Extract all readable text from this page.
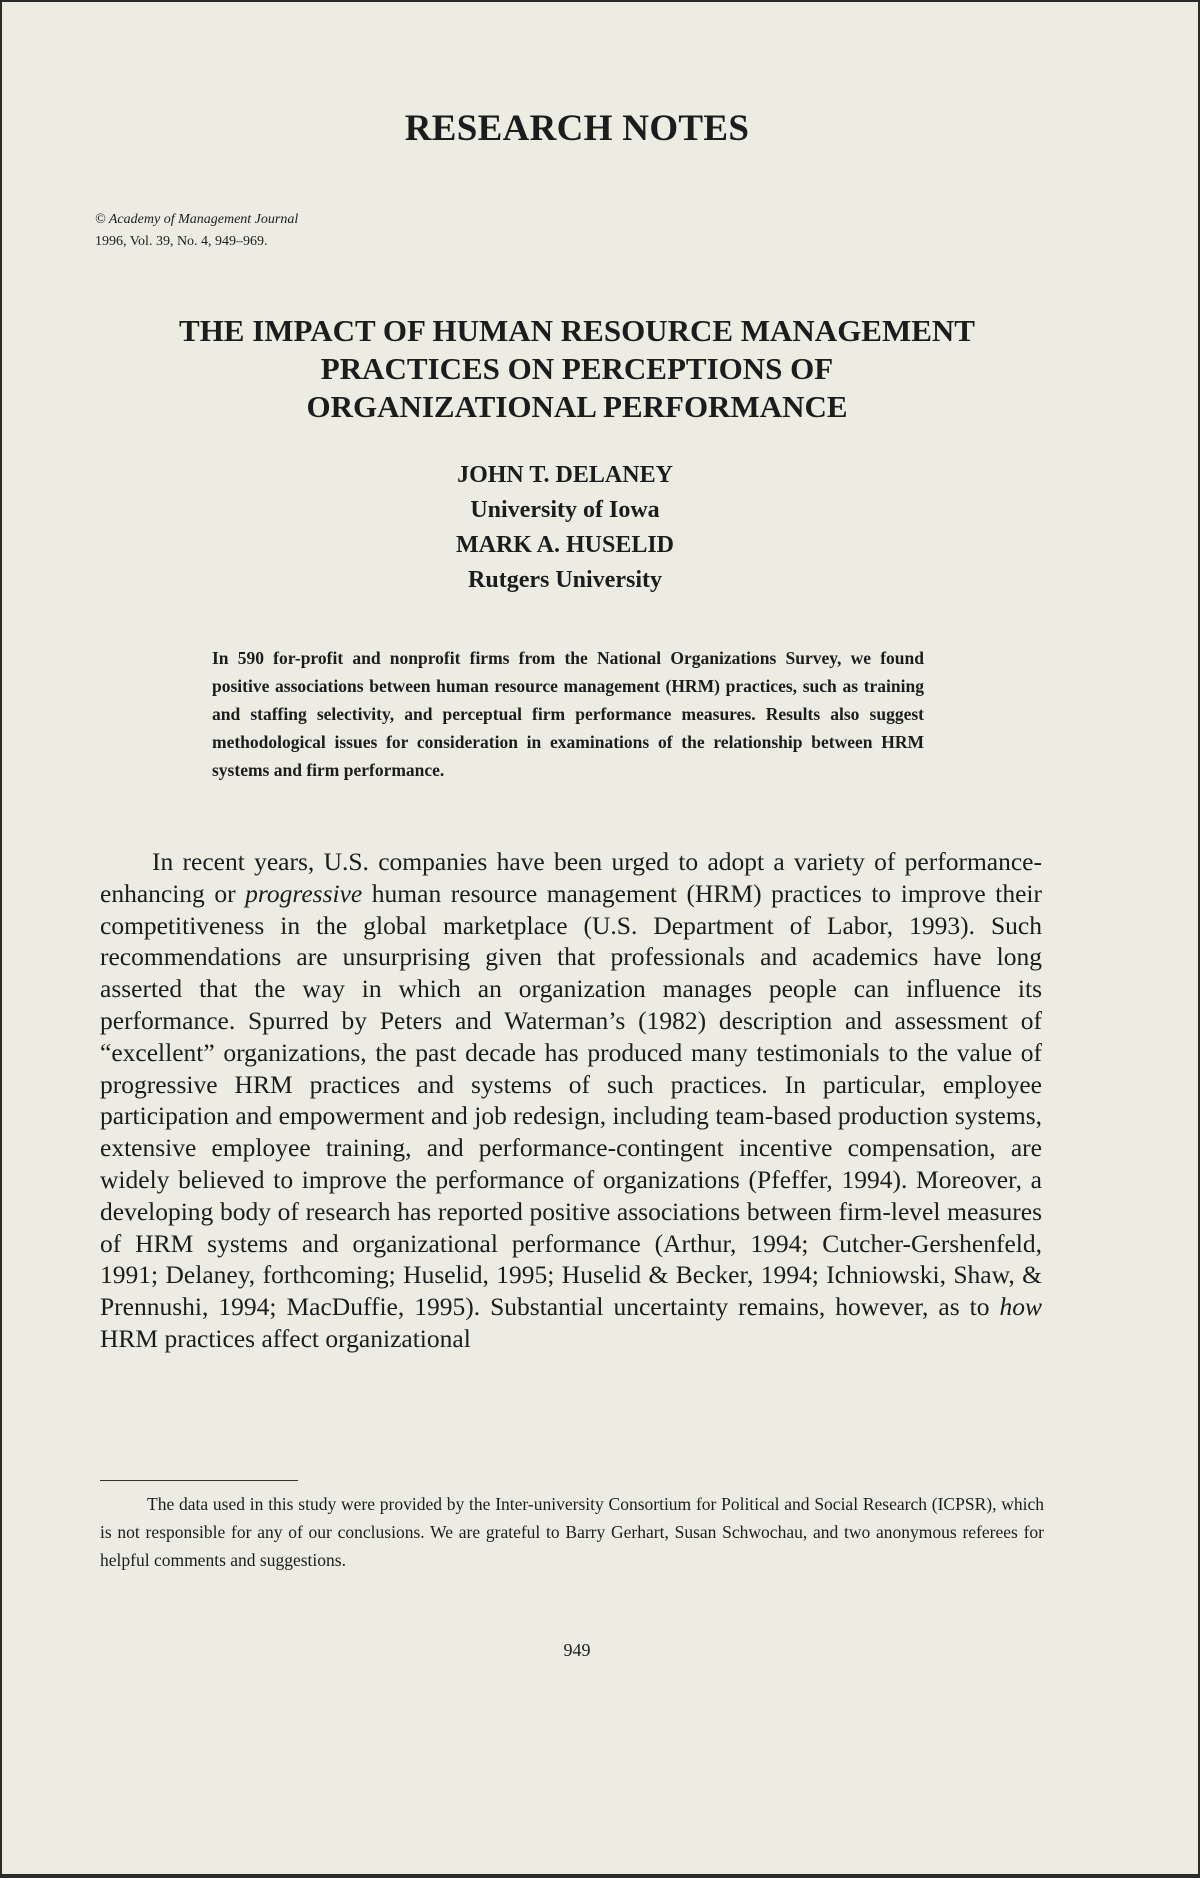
RESEARCH NOTES
© Academy of Management Journal
1996, Vol. 39, No. 4, 949–969.
THE IMPACT OF HUMAN RESOURCE MANAGEMENT
PRACTICES ON PERCEPTIONS OF
ORGANIZATIONAL PERFORMANCE
JOHN T. DELANEY
University of Iowa
MARK A. HUSELID
Rutgers University
In 590 for-profit and nonprofit firms from the National Organizations Survey, we found positive associations between human resource management (HRM) practices, such as training and staffing selectivity, and perceptual firm performance measures. Results also suggest methodological issues for consideration in examinations of the relationship between HRM systems and firm performance.

In recent years, U.S. companies have been urged to adopt a variety of performance-enhancing or progressive human resource management (HRM) practices to improve their competitiveness in the global marketplace (U.S. Department of Labor, 1993). Such recommendations are unsurprising given that professionals and academics have long asserted that the way in which an organization manages people can influence its performance. Spurred by Peters and Waterman’s (1982) description and assessment of “excellent” organizations, the past decade has produced many testimonials to the value of progressive HRM practices and systems of such practices. In particular, employee participation and empowerment and job redesign, including team-based production systems, extensive employee training, and performance-contingent incentive compensation, are widely believed to improve the performance of organizations (Pfeffer, 1994). Moreover, a developing body of research has reported positive associations between firm-level measures of HRM systems and organizational performance (Arthur, 1994; Cutcher-Gershenfeld, 1991; Delaney, forthcoming; Huselid, 1995; Huselid & Becker, 1994; Ichniowski, Shaw, & Prennushi, 1994; MacDuffie, 1995). Substantial uncertainty remains, however, as to how HRM practices affect organizational

The data used in this study were provided by the Inter-university Consortium for Political and Social Research (ICPSR), which is not responsible for any of our conclusions. We are grateful to Barry Gerhart, Susan Schwochau, and two anonymous referees for helpful comments and suggestions.

949
